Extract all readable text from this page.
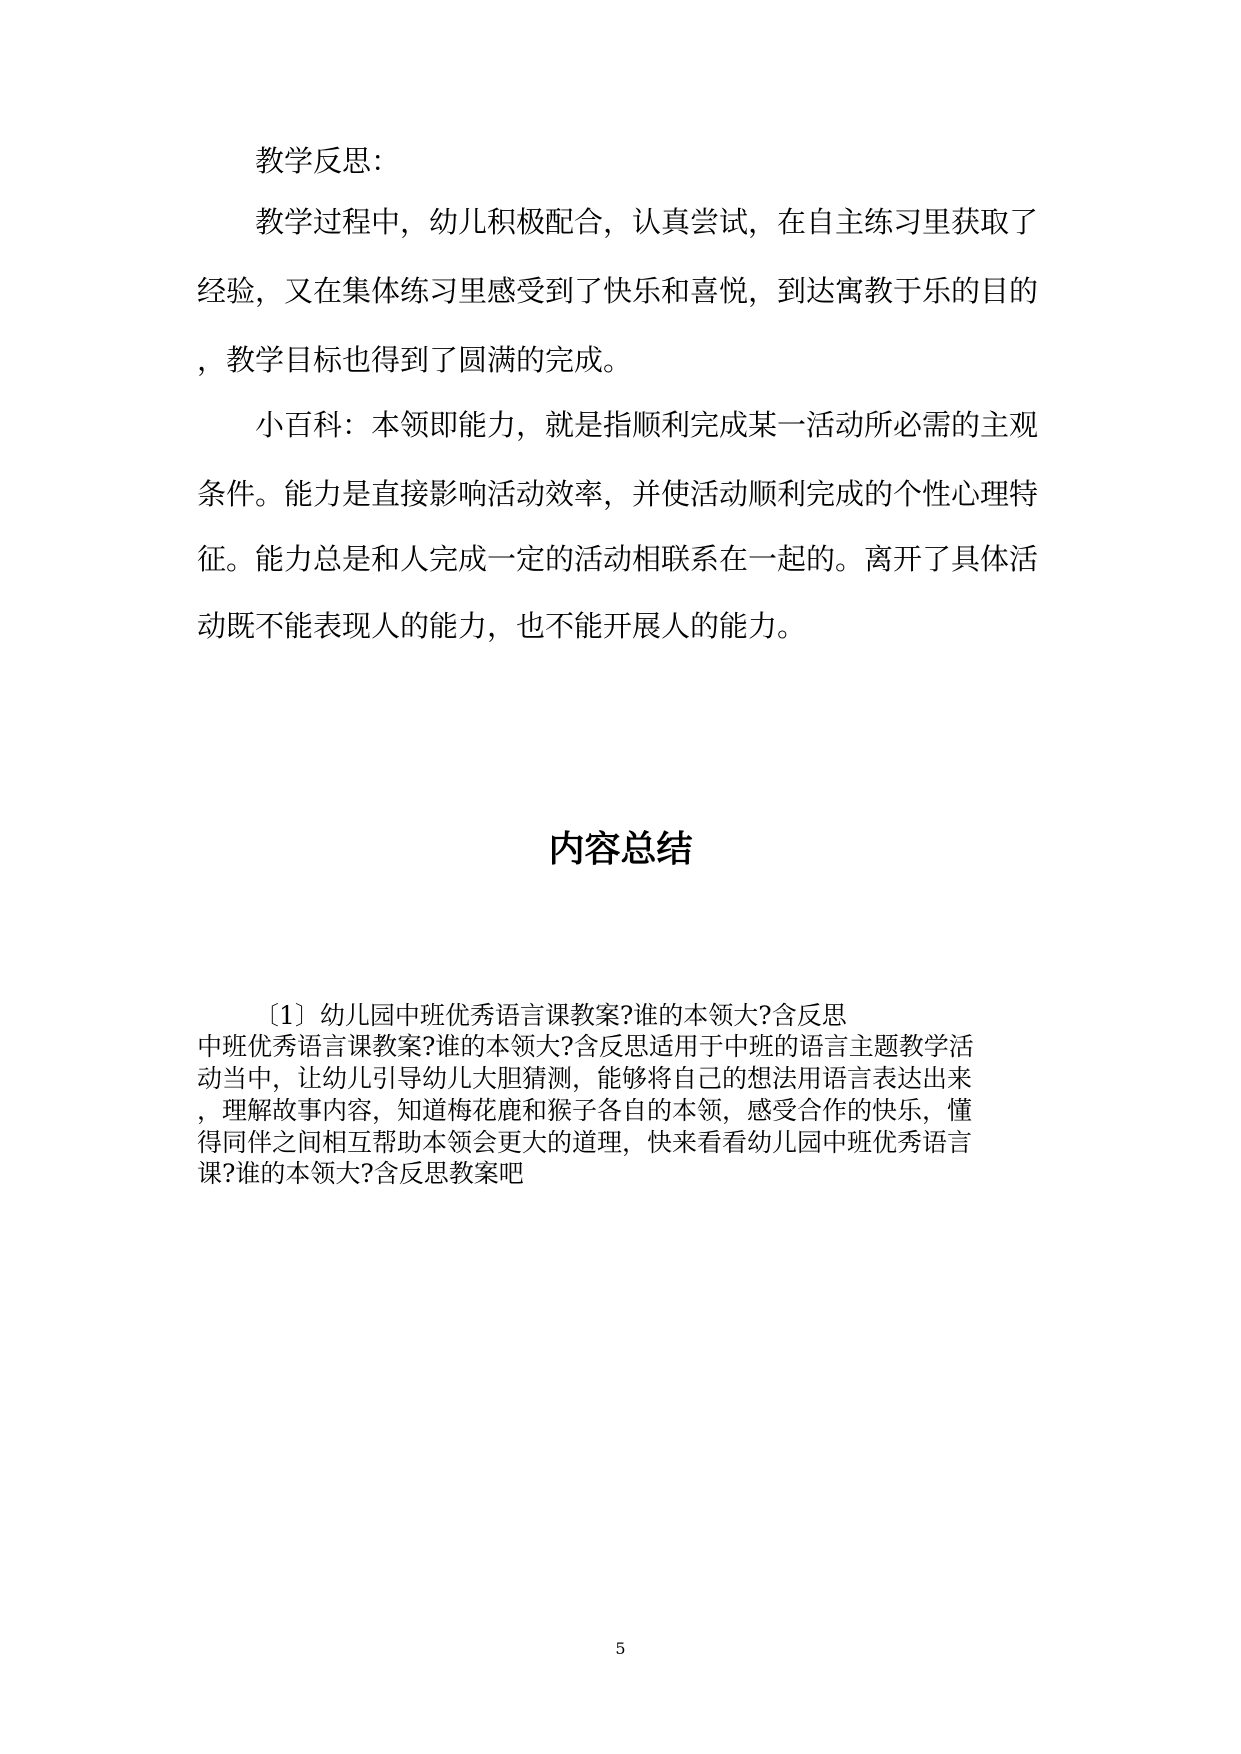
教学反思：
教学过程中，幼儿积极配合，认真尝试，在自主练习里获取了
经验，又在集体练习里感受到了快乐和喜悦，到达寓教于乐的目的
，教学目标也得到了圆满的完成。
小百科：本领即能力，就是指顺利完成某一活动所必需的主观
条件。能力是直接影响活动效率，并使活动顺利完成的个性心理特
征。能力总是和人完成一定的活动相联系在一起的。离开了具体活
动既不能表现人的能力，也不能开展人的能力。
内容总结
〔1〕幼儿园中班优秀语言课教案?谁的本领大?含反思
中班优秀语言课教案?谁的本领大?含反思适用于中班的语言主题教学活
动当中，让幼儿引导幼儿大胆猜测，能够将自己的想法用语言表达出来
，理解故事内容，知道梅花鹿和猴子各自的本领，感受合作的快乐，懂
得同伴之间相互帮助本领会更大的道理，快来看看幼儿园中班优秀语言
课?谁的本领大?含反思教案吧
5
